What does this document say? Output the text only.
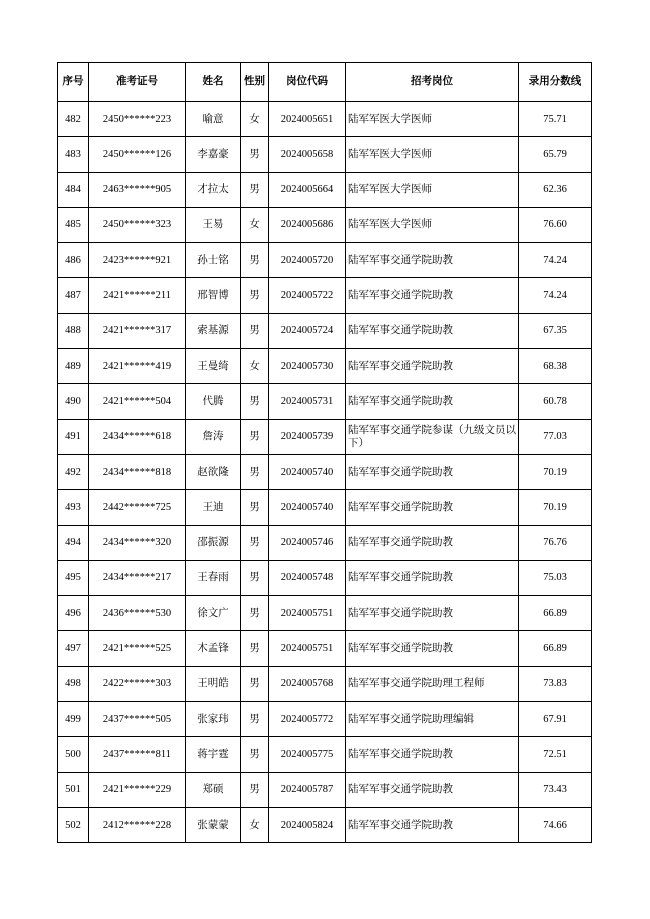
序号	准考证号	姓名	性别	岗位代码	招考岗位	录用分数线
482	2450******223	喻意	女	2024005651	陆军军医大学医师	75.71
483	2450******126	李嘉豪	男	2024005658	陆军军医大学医师	65.79
484	2463******905	才拉太	男	2024005664	陆军军医大学医师	62.36
485	2450******323	王易	女	2024005686	陆军军医大学医师	76.60
486	2423******921	孙士铭	男	2024005720	陆军军事交通学院助教	74.24
487	2421******211	邢智博	男	2024005722	陆军军事交通学院助教	74.24
488	2421******317	索基源	男	2024005724	陆军军事交通学院助教	67.35
489	2421******419	王曼绮	女	2024005730	陆军军事交通学院助教	68.38
490	2421******504	代腾	男	2024005731	陆军军事交通学院助教	60.78
491	2434******618	詹涛	男	2024005739	陆军军事交通学院参谋（九级文员以下）	77.03
492	2434******818	赵欲隆	男	2024005740	陆军军事交通学院助教	70.19
493	2442******725	王迪	男	2024005740	陆军军事交通学院助教	70.19
494	2434******320	邵振源	男	2024005746	陆军军事交通学院助教	76.76
495	2434******217	王春雨	男	2024005748	陆军军事交通学院助教	75.03
496	2436******530	徐文广	男	2024005751	陆军军事交通学院助教	66.89
497	2421******525	木孟锋	男	2024005751	陆军军事交通学院助教	66.89
498	2422******303	王明皓	男	2024005768	陆军军事交通学院助理工程师	73.83
499	2437******505	张家玮	男	2024005772	陆军军事交通学院助理编辑	67.91
500	2437******811	蒋宇霆	男	2024005775	陆军军事交通学院助教	72.51
501	2421******229	郑硕	男	2024005787	陆军军事交通学院助教	73.43
502	2412******228	张蒙蒙	女	2024005824	陆军军事交通学院助教	74.66
